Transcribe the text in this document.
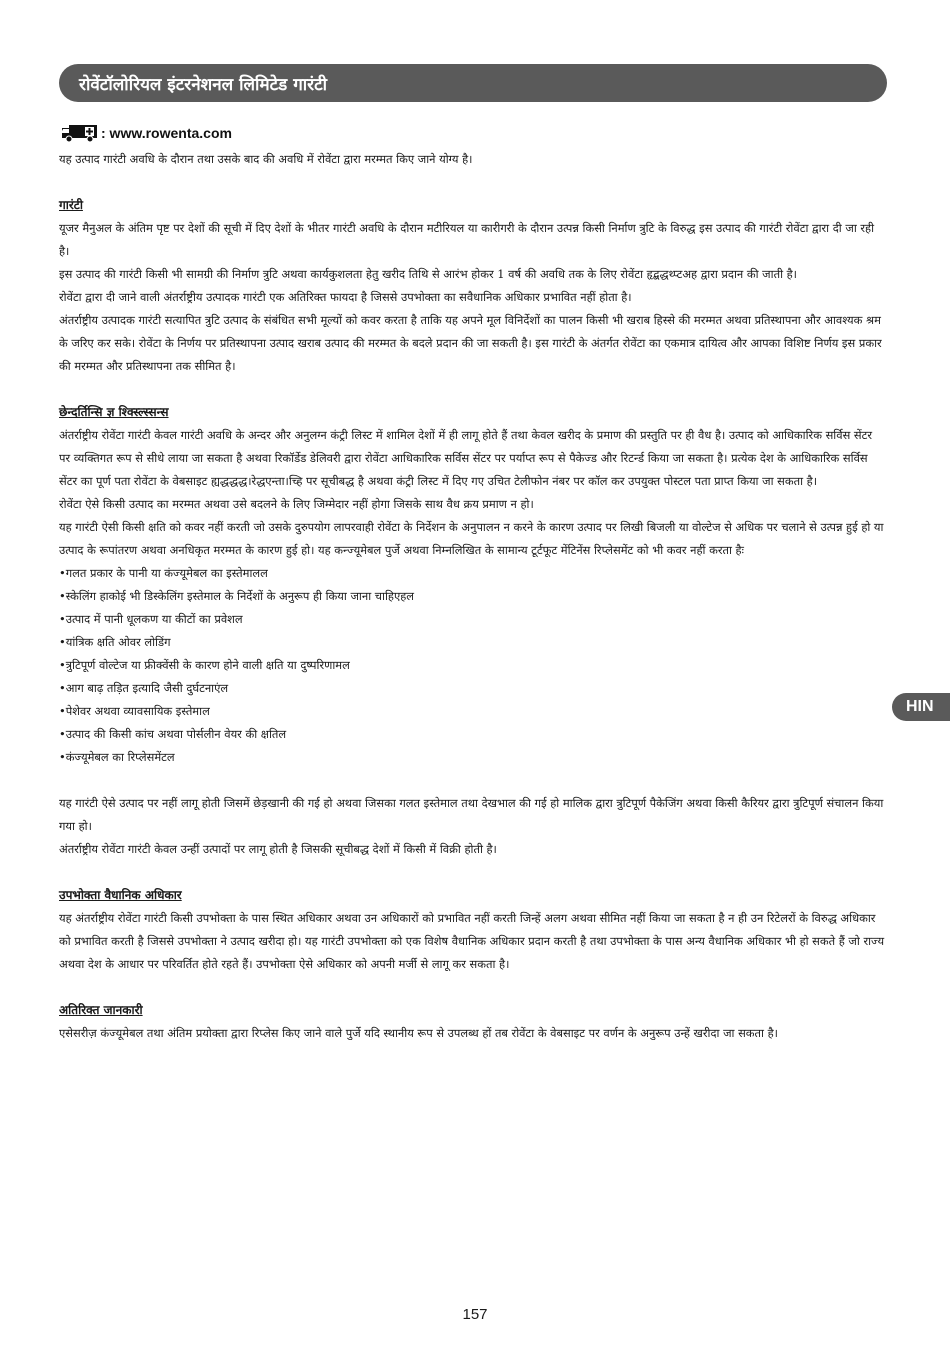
रोवेंटॉलोरियल इंटरनेशनल लिमिटेड गारंटी
: www.rowenta.com

यह उत्पाद गारंटी अवधि के दौरान तथा उसके बाद की अवधि में रोवेंटा द्वारा मरम्मत किए जाने योग्य है।

गारंटी

यूजर मैनुअल के अंतिम पृष्ट पर देशों की सूची में दिए देशों के भीतर गारंटी अवधि के दौरान मटीरियल या कारीगरी के दौरान उत्पन्न किसी निर्माण त्रुटि के विरुद्ध इस उत्पाद की गारंटी रोवेंटा द्वारा दी जा रही है।

इस उत्पाद की गारंटी किसी भी सामग्री की निर्माण त्रुटि अथवा कार्यकुशलता हेतु खरीद तिथि से आरंभ होकर 1 वर्ष की अवधि तक के लिए रोवेंटा हृद्बद्धथ्प्टअह द्वारा प्रदान की जाती है।

रोवेंटा द्वारा दी जाने वाली अंतर्राष्ट्रीय उत्पादक गारंटी एक अतिरिक्त फायदा है जिससे उपभोक्ता का सवैधानिक अधिकार प्रभावित नहीं होता है।

अंतर्राष्ट्रीय उत्पादक गारंटी सत्यापित त्रुटि उत्पाद के संबंधित सभी मूल्यों को कवर करता है ताकि यह अपने मूल विनिर्देशों का पालन किसी भी खराब हिस्से की मरम्मत अथवा प्रतिस्थापना और आवश्यक श्रम के जरिए कर सके। रोवेंटा के निर्णय पर प्रतिस्थापना उत्पाद खराब उत्पाद की मरम्मत के बदले प्रदान की जा सकती है। इस गारंटी के अंतर्गत रोवेंटा का एकमात्र दायित्व और आपका विशिष्ट निर्णय इस प्रकार की मरम्मत और प्रतिस्थापना तक सीमित है।

छेन्दर्तिन्सि ज्ञ श्क्स्ल्स्सिन्स

अंतर्राष्ट्रीय रोवेंटा गारंटी केवल गारंटी अवधि के अन्दर और अनुलग्न कंट्री लिस्ट में शामिल देशों में ही लागू होते हैं तथा केवल खरीद के प्रमाण की प्रस्तुति पर ही वैध है। उत्पाद को आधिकारिक सर्विस सेंटर पर व्यक्तिगत रूप से सीधे लाया जा सकता है अथवा रिकॉर्डेड डेलिवरी द्वारा रोवेंटा आधिकारिक सर्विस सेंटर पर पर्याप्त रूप से पैकेज्ड और रिटर्न्ड किया जा सकता है। प्रत्येक देश के आधिकारिक सर्विस सेंटर का पूर्ण पता रोवेंटा के वेबसाइट ह्यद्धद्धद्ध।रेद्धएन्ता।च्हि पर सूचीबद्ध है अथवा कंट्री लिस्ट में दिए गए उचित टेलीफोन नंबर पर कॉल कर उपयुक्त पोस्टल पता प्राप्त किया जा सकता है।

रोवेंटा ऐसे किसी उत्पाद का मरम्मत अथवा उसे बदलने के लिए जिम्मेदार नहीं होगा जिसके साथ वैध क्रय प्रमाण न हो।

यह गारंटी ऐसी किसी क्षति को कवर नहीं करती जो उसके दुरुपयोग लापरवाही रोवेंटा के निर्देशन के अनुपालन न करने के कारण उत्पाद पर लिखी बिजली या वोल्टेज से अधिक पर चलाने से उत्पन्न हुई हो या उत्पाद के रूपांतरण अथवा अनधिकृत मरम्मत के कारण हुई हो। यह कन्ज्यूमेबल पुर्जे अथवा निम्नलिखित के सामान्य टूर्टफूट मेंटिनेंस रिप्लेसमेंट को भी कवर नहीं करता हैः

• गलत प्रकार के पानी या कंज्यूमेबल का इस्तेमालल
• स्केलिंग हाकोई भी डिस्केलिंग इस्तेमाल के निर्देशों के अनुरूप ही किया जाना चाहिएहल
• उत्पाद में पानी धूलकण या कीटों का प्रवेशल
• यांत्रिक क्षति ओवर लोडिंग
• त्रुटिपूर्ण वोल्टेज या फ्रीक्वेंसी के कारण होने वाली क्षति या दुष्परिणामल
• आग बाढ़ तड़ित इत्यादि जैसी दुर्घटनाएंल
• पेशेवर अथवा व्यावसायिक इस्तेमाल
• उत्पाद की किसी कांच अथवा पोर्सलीन वेयर की क्षतिल
• कंज्यूमेबल का रिप्लेसमेंटल

यह गारंटी ऐसे उत्पाद पर नहीं लागू होती जिसमें छेड़खानी की गई हो अथवा जिसका गलत इस्तेमाल तथा देखभाल की गई हो मालिक द्वारा त्रुटिपूर्ण पैकेजिंग अथवा किसी कैरियर द्वारा त्रुटिपूर्ण संचालन किया गया हो।

अंतर्राष्ट्रीय रोवेंटा गारंटी केवल उन्हीं उत्पादों पर लागू होती है जिसकी सूचीबद्ध देशों में किसी में विक्री होती है।

उपभोक्ता वैधानिक अधिकार

यह अंतर्राष्ट्रीय रोवेंटा गारंटी किसी उपभोक्ता के पास स्थित अधिकार अथवा उन अधिकारों को प्रभावित नहीं करती जिन्हें अलग अथवा सीमित नहीं किया जा सकता है न ही उन रिटेलरों के विरुद्ध अधिकार को प्रभावित करती है जिससे उपभोक्ता ने उत्पाद खरीदा हो। यह गारंटी उपभोक्ता को एक विशेष वैधानिक अधिकार प्रदान करती है तथा उपभोक्ता के पास अन्य वैधानिक अधिकार भी हो सकते हैं जो राज्य अथवा देश के आधार पर परिवर्तित होते रहते हैं। उपभोक्ता ऐसे अधिकार को अपनी मर्जी से लागू कर सकता है।

अतिरिक्त जानकारी

एसेसरीज़ कंज्यूमेबल तथा अंतिम प्रयोक्ता द्वारा रिप्लेस किए जाने वाले पुर्जे यदि स्थानीय रूप से उपलब्ध हों तब रोवेंटा के वेबसाइट पर वर्णन के अनुरूप उन्हें खरीदा जा सकता है।

HIN
157
